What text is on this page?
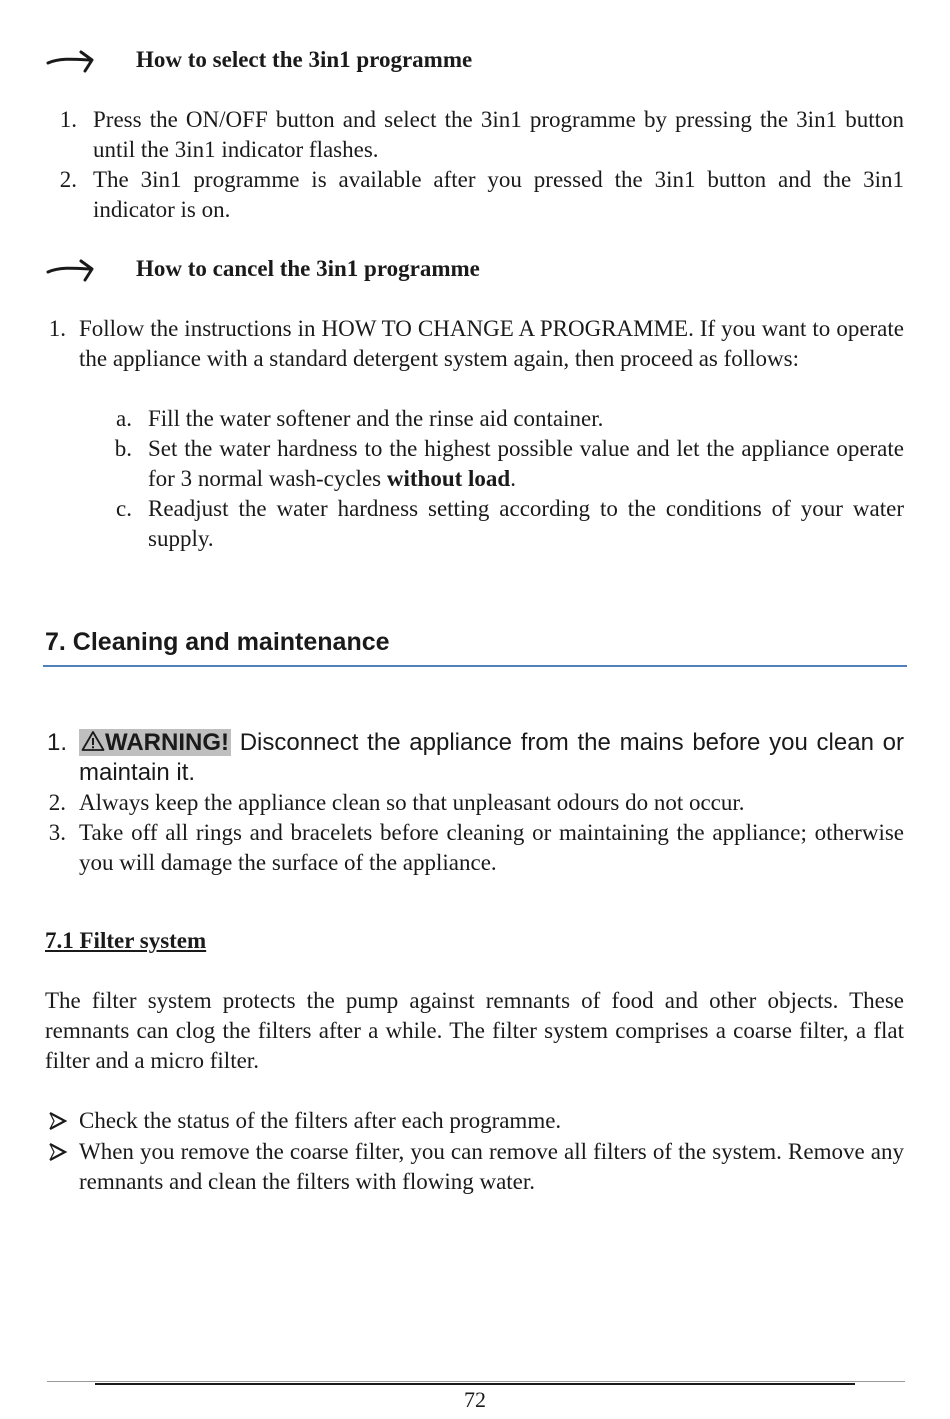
How to select the 3in1 programme
1. Press the ON/OFF button and select the 3in1 programme by pressing the 3in1 button until the 3in1 indicator flashes.
2. The 3in1 programme is available after you pressed the 3in1 button and the 3in1 indicator is on.
How to cancel the 3in1 programme
1. Follow the instructions in HOW TO CHANGE A PROGRAMME. If you want to operate the appliance with a standard detergent system again, then proceed as follows:
a. Fill the water softener and the rinse aid container.
b. Set the water hardness to the highest possible value and let the appliance operate for 3 normal wash-cycles without load.
c. Readjust the water hardness setting according to the conditions of your water supply.
7. Cleaning and maintenance
1.	WARNING! Disconnect the appliance from the mains before you clean or maintain it.
2. Always keep the appliance clean so that unpleasant odours do not occur.
3. Take off all rings and bracelets before cleaning or maintaining the appliance; otherwise you will damage the surface of the appliance.
7.1 Filter system
The filter system protects the pump against remnants of food and other objects. These remnants can clog the filters after a while. The filter system comprises a coarse filter, a flat filter and a micro filter.
Check the status of the filters after each programme.
When you remove the coarse filter, you can remove all filters of the system. Remove any remnants and clean the filters with flowing water.
72
